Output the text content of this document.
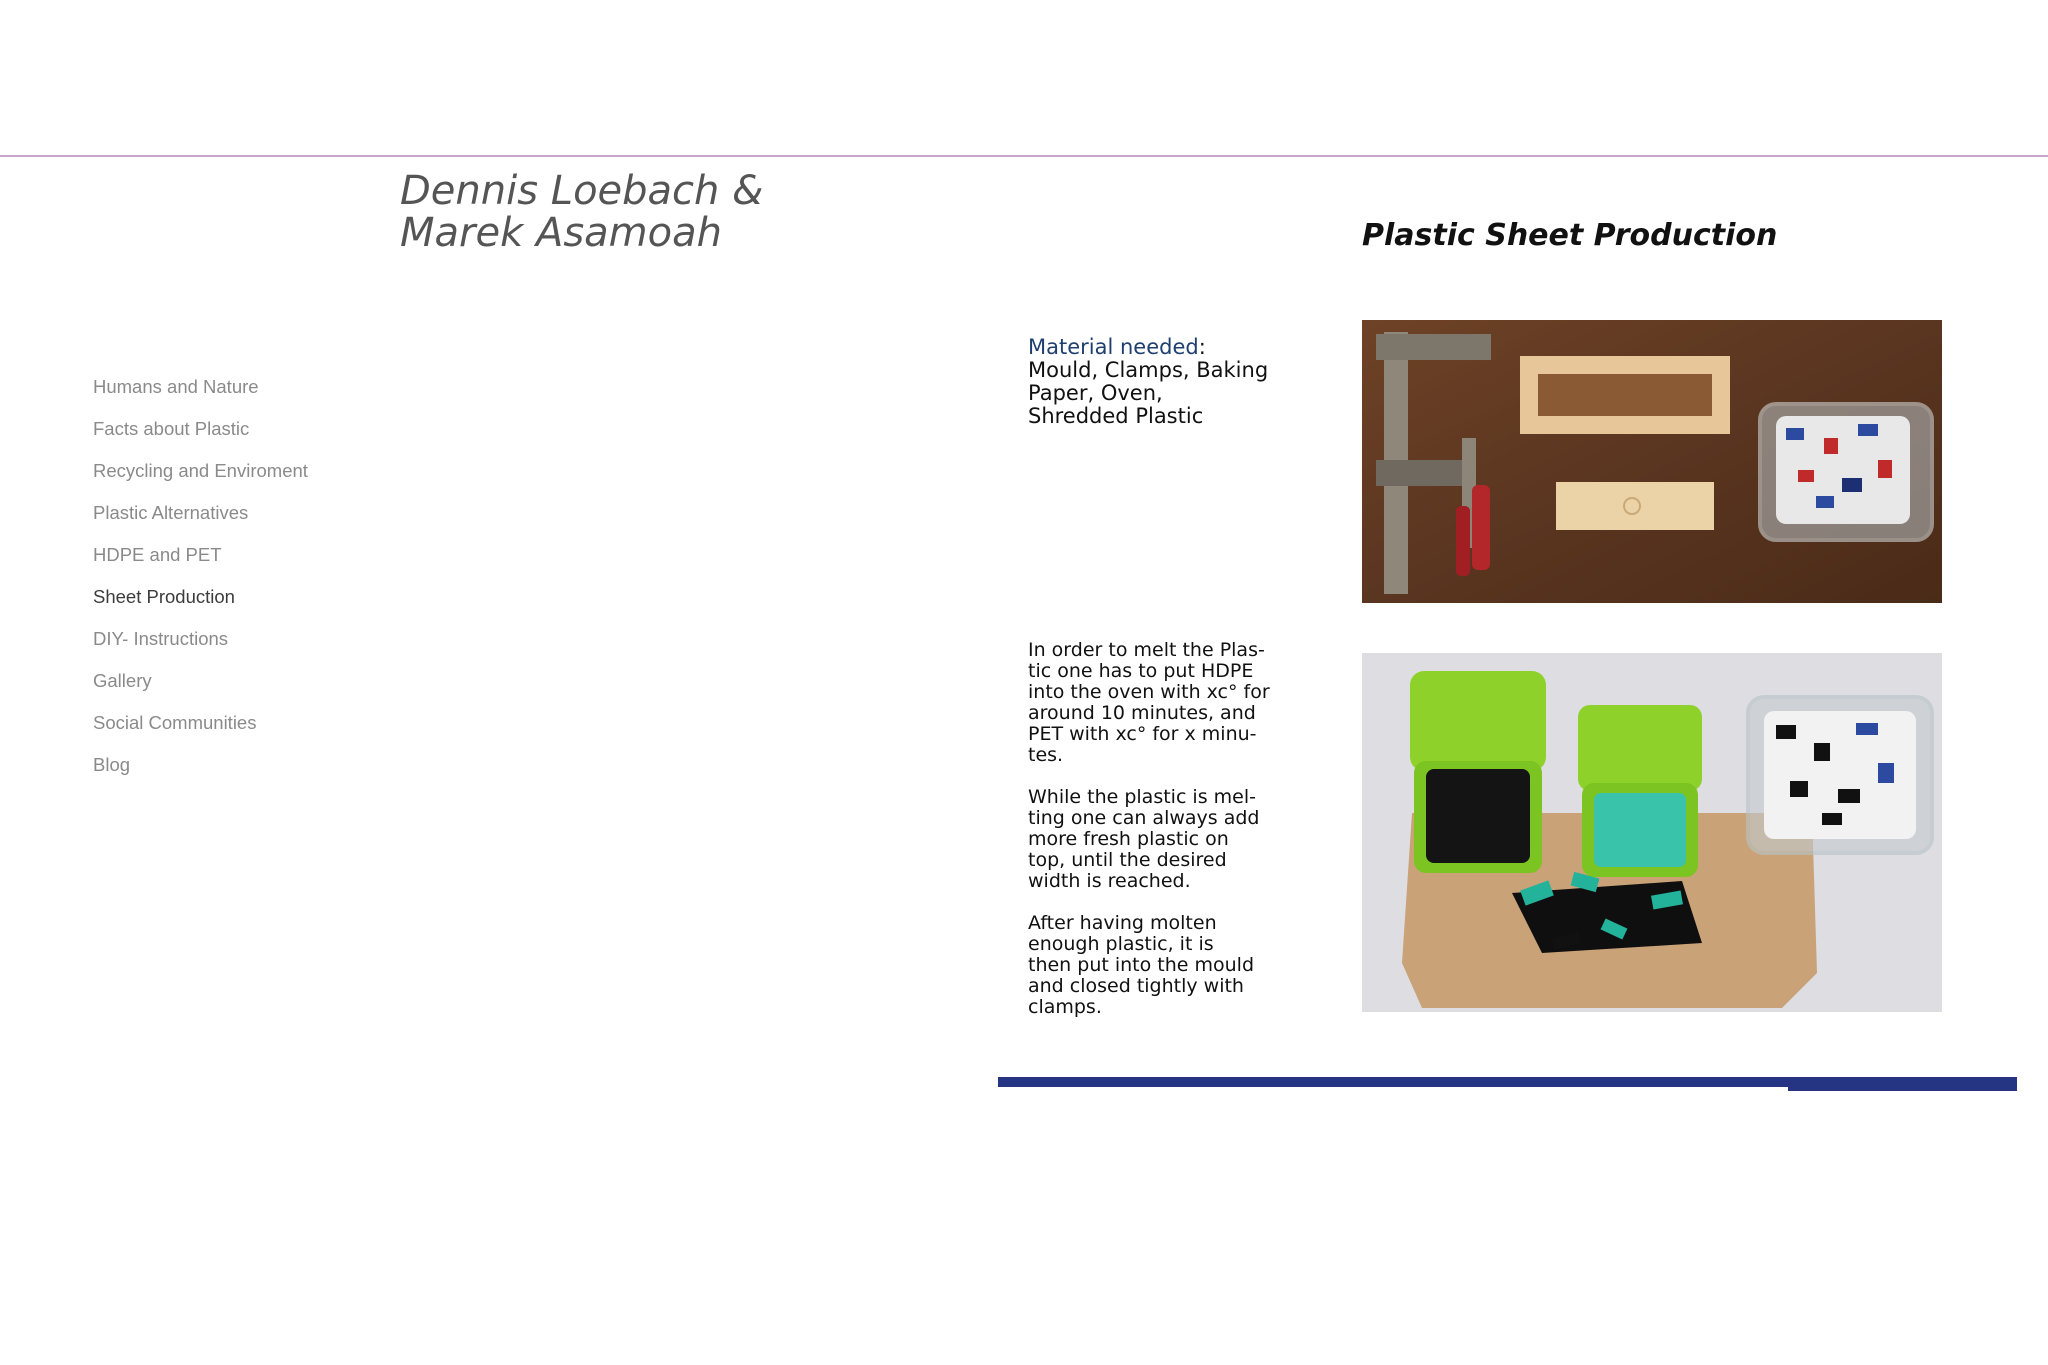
Dennis Loebach &
Marek Asamoah
Humans and Nature
Facts about Plastic
Recycling and Enviroment
Plastic Alternatives
HDPE and PET
Sheet Production
DIY- Instructions
Gallery
Social Communities
Blog
Plastic Sheet Production
Material needed:
Mould, Clamps, Baking
Paper, Oven,
Shredded Plastic

In order to melt the Plas-
tic one has to put HDPE
into the oven with xc° for
around 10 minutes, and
PET with xc° for x minu-
tes.

While the plastic is mel-
ting one can always add
more fresh plastic on
top, until the desired
width is reached.

After having molten
enough plastic, it is
then put into the mould
and closed tightly with
clamps.
